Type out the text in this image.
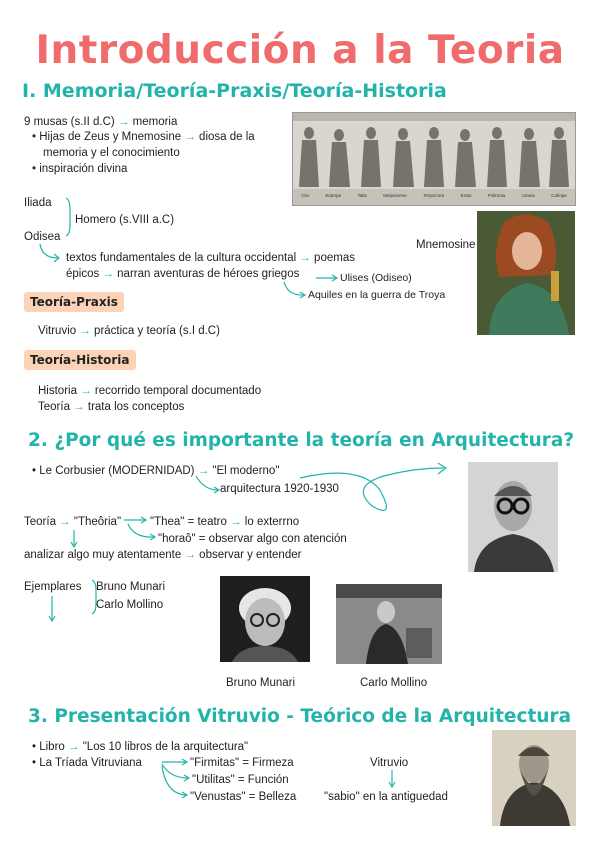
Introducción a la Teoria
I. Memoria/Teoría-Praxis/Teoría-Historia
9 musas (s.II d.C) → memoria
• Hijas de Zeus y Mnemosine → diosa de la
memoria y el conocimiento
• inspiración divina
Clio	Euterpe	Talia	Melpómene	Terpsícore	Erato	Polimnia	Urania	Calíope
Iliada
Odisea
Homero (s.VIII a.C)
textos fundamentales de la cultura occidental → poemas
épicos → narran aventuras de héroes griegos	Ulises (Odiseo)
Aquiles en la guerra de Troya
Mnemosine
Teoría-Praxis
Vitruvio → práctica y teoría (s.I d.C)
Teoría-Historia
Historia → recorrido temporal documentado
Teoría → trata los conceptos
2. ¿Por qué es importante la teoría en Arquitectura?
• Le Corbusier (MODERNIDAD) → "El moderno"
arquitectura 1920-1930
Teoría → "Theôria"	"Thea" = teatro → lo exterrno
"horaô" = observar algo con atención
analizar algo muy atentamente → observar y entender
Ejemplares Bruno Munari
Carlo Mollino
Bruno Munari	Carlo Mollino
3. Presentación Vitruvio - Teórico de la Arquitectura
• Libro → "Los 10 libros de la arquitectura"
• La Tríada Vitruviana	"Firmitas" = Firmeza
"Utilitas" = Función
"Venustas" = Belleza
Vitruvio
"sabio" en la antiguedad
